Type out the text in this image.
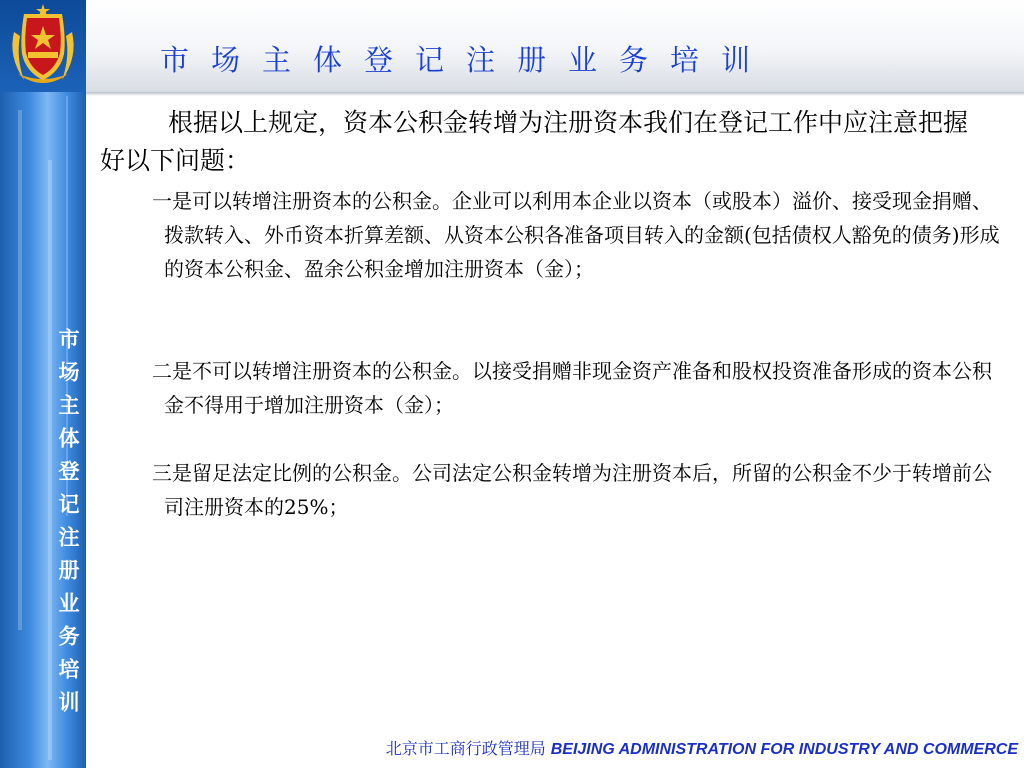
市场主体登记注册业务培训
市场主体登记注册业务培训

根据以上规定，资本公积金转增为注册资本我们在登记工作中应注意把握好以下问题：

一是可以转增注册资本的公积金。企业可以利用本企业以资本（或股本）溢价、接受现金捐赠、拨款转入、外币资本折算差额、从资本公积各准备项目转入的金额(包括债权人豁免的债务)形成的资本公积金、盈余公积金增加注册资本（金）；

二是不可以转增注册资本的公积金。以接受捐赠非现金资产准备和股权投资准备形成的资本公积金不得用于增加注册资本（金）；

三是留足法定比例的公积金。公司法定公积金转增为注册资本后，所留的公积金不少于转增前公司注册资本的25%；

北京市工商行政管理局 BEIJING ADMINISTRATION FOR INDUSTRY AND COMMERCE
